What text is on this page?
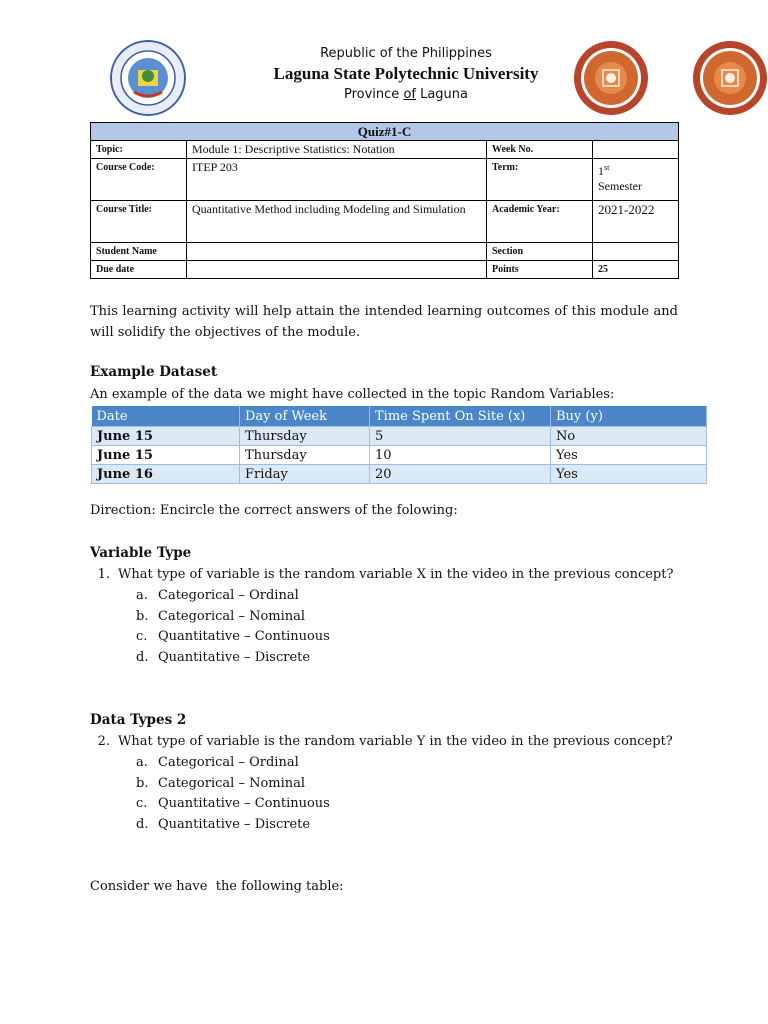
Republic of the Philippines
Laguna State Polytechnic University
Province of Laguna
Quiz#1-C			
Topic:	Module 1: Descriptive Statistics: Notation	Week No.	
Course Code:	ITEP 203	Term:	1st
Semester
Course Title:	Quantitative Method including Modeling and Simulation	Academic Year:	2021-2022
Student Name		Section	
Due date		Points	25
This learning activity will help attain the intended learning outcomes of this module and will solidify the objectives of the module.
Example Dataset
An example of the data we might have collected in the topic Random Variables:
Date	Day of Week	Time Spent On Site (x)	Buy (y)
June 15	Thursday	5	No
June 15	Thursday	10	Yes
June 16	Friday	20	Yes
Direction: Encircle the correct answers of the folowing:
Variable Type
1. What type of variable is the random variable X in the video in the previous concept?
a. Categorical – Ordinal
b. Categorical – Nominal
c. Quantitative – Continuous
d. Quantitative – Discrete
Data Types 2
2. What type of variable is the random variable Y in the video in the previous concept?
a. Categorical – Ordinal
b. Categorical – Nominal
c. Quantitative – Continuous
d. Quantitative – Discrete
Consider we have  the following table:
